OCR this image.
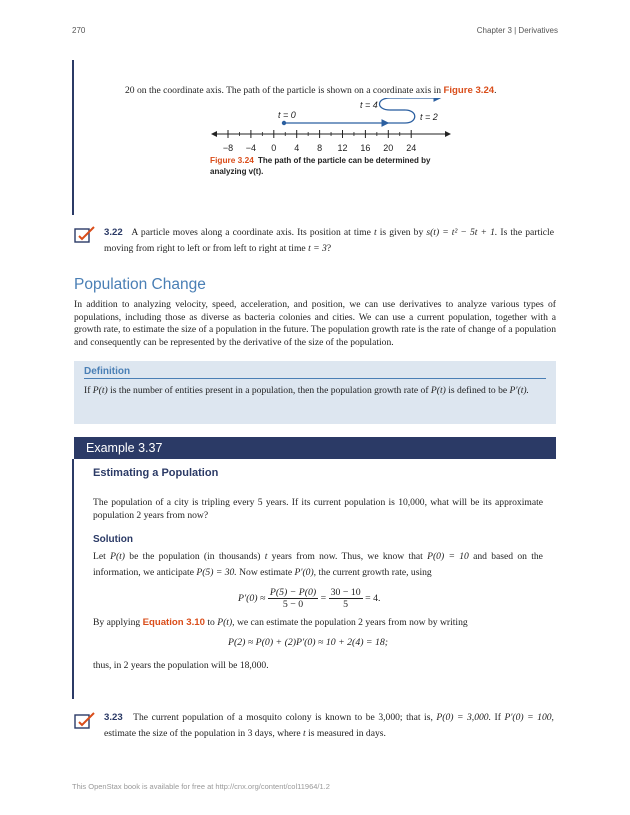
270	Chapter 3 | Derivatives
20 on the coordinate axis. The path of the particle is shown on a coordinate axis in Figure 3.24.
−8 −4 0 4 8 12 16 20 24
t = 0
t = 4
t = 2
Figure 3.24 The path of the particle can be determined by analyzing v(t).
3.22 A particle moves along a coordinate axis. Its position at time t is given by s(t) = t² − 5t + 1. Is the particle moving from right to left or from left to right at time t = 3?
Population Change
In addition to analyzing velocity, speed, acceleration, and position, we can use derivatives to analyze various types of populations, including those as diverse as bacteria colonies and cities. We can use a current population, together with a growth rate, to estimate the size of a population in the future. The population growth rate is the rate of change of a population and consequently can be represented by the derivative of the size of the population.
Definition
If P(t) is the number of entities present in a population, then the population growth rate of P(t) is defined to be P′(t).
Example 3.37
Estimating a Population
The population of a city is tripling every 5 years. If its current population is 10,000, what will be its approximate population 2 years from now?
Solution
Let P(t) be the population (in thousands) t years from now. Thus, we know that P(0) = 10 and based on the information, we anticipate P(5) = 30. Now estimate P′(0), the current growth rate, using
$P'(0) \approx \frac{P(5) - P(0)}{5 - 0} = \frac{30 - 10}{5} = 4$.
By applying Equation 3.10 to P(t), we can estimate the population 2 years from now by writing
P(2) ≈ P(0) + (2)P′(0) ≈ 10 + 2(4) = 18;
thus, in 2 years the population will be 18,000.
3.23 The current population of a mosquito colony is known to be 3,000; that is, P(0) = 3,000. If P′(0) = 100, estimate the size of the population in 3 days, where t is measured in days.
This OpenStax book is available for free at http://cnx.org/content/col11964/1.2
